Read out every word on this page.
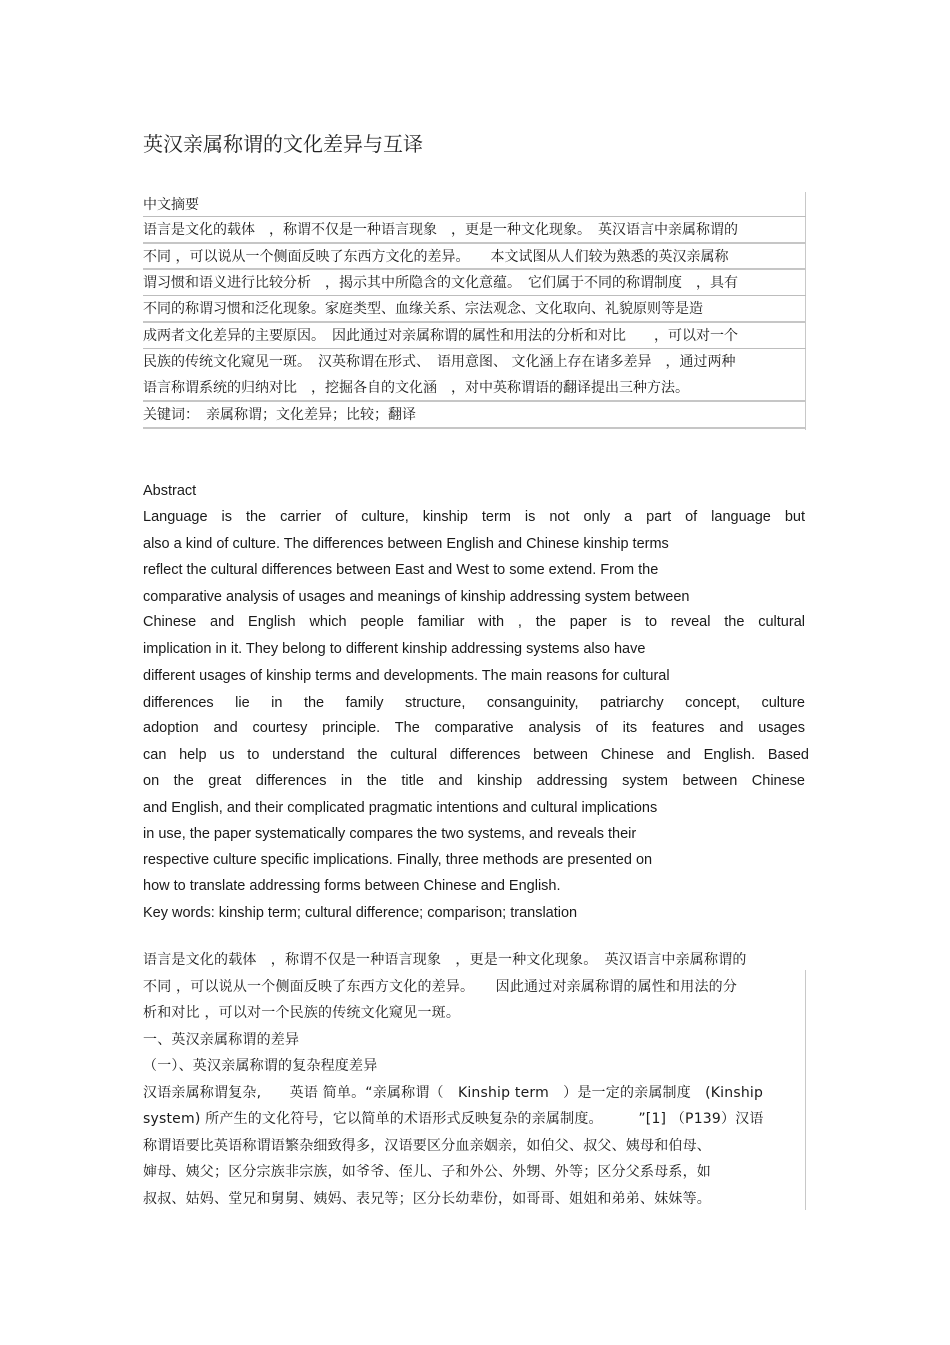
英汉亲属称谓的文化差异与互译
中文摘要
语言是文化的载体　，称谓不仅是一种语言现象　，更是一种文化现象。　英汉语言中亲属称谓的
不同 ，可以说从一个侧面反映了东西方文化的差异。　　本文试图从人们较为熟悉的英汉亲属称
谓习惯和语义进行比较分析　，揭示其中所隐含的文化意蕴。　它们属于不同的称谓制度　，具有
不同的称谓习惯和泛化现象。家庭类型、血缘关系、宗法观念、文化取向、礼貌原则等是造
成两者文化差异的主要原因。　因此通过对亲属称谓的属性和用法的分析和对比　　，可以对一个
民族的传统文化窥见一斑。　汉英称谓在形式、　语用意图、 文化涵上存在诸多差异　，通过两种
语言称谓系统的归纳对比　，挖掘各自的文化涵　，对中英称谓语的翻译提出三种方法。
关键词：　亲属称谓；文化差异；比较；翻译
Abstract
Language is the carrier of culture, kinship term is not only a part of language but
also a kind of culture. The differences between English and Chinese kinship terms
reflect the cultural differences between East and West to some extend. From the
comparative analysis of usages and meanings of kinship addressing system between
Chinese and English which people familiar with , the paper is to reveal the cultural
implication in it. They belong to different kinship addressing systems also have
different usages of kinship terms and developments. The main reasons for cultural
differences lie in the family structure, consanguinity, patriarchy concept, culture
adoption and courtesy principle. The comparative analysis of its features and usages
can help us to understand the cultural differences between Chinese and English. Based
on the great differences in the title and kinship addressing system between Chinese
and English, and their complicated pragmatic intentions and cultural implications
in use, the paper systematically compares the two systems, and reveals their
respective culture specific implications. Finally, three methods are presented on
how to translate addressing forms between Chinese and English.
Key words: kinship term; cultural difference; comparison; translation
语言是文化的载体　，称谓不仅是一种语言现象　，更是一种文化现象。　英汉语言中亲属称谓的
不同 ，可以说从一个侧面反映了东西方文化的差异。　　因此通过对亲属称谓的属性和用法的分
析和对比 ，可以对一个民族的传统文化窥见一斑。
一、英汉亲属称谓的差异
（一）、英汉亲属称谓的复杂程度差异
汉语亲属称谓复杂,　　英语 简单。“亲属称谓（　Kinship term　）是一定的亲属制度　(Kinship
system) 所产生的文化符号，它以简单的术语形式反映复杂的亲属制度。　　　”[1] （P139）汉语
称谓语要比英语称谓语繁杂细致得多，汉语要区分血亲姻亲，如伯父、叔父、姨母和伯母、
婶母、姨父；区分宗族非宗族，如爷爷、侄儿、子和外公、外甥、外等；区分父系母系，如
叔叔、姑妈、堂兄和舅舅、姨妈、表兄等；区分长幼辈份，如哥哥、姐姐和弟弟、妹妹等。
